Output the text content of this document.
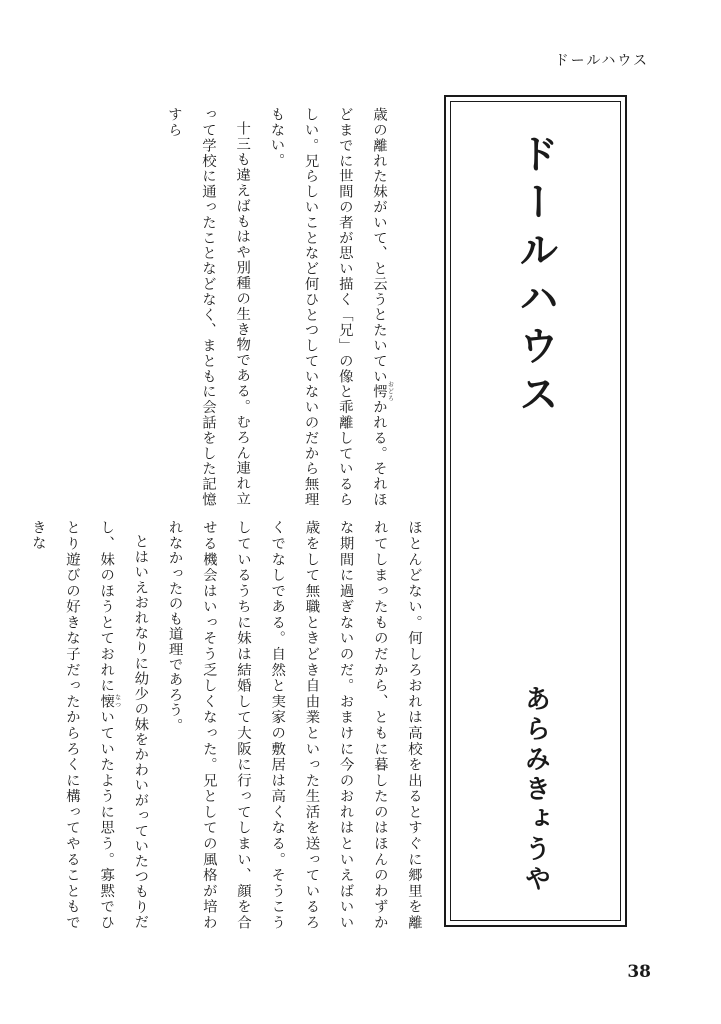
ドールハウス
ドールハウス
あらみきょうや

歳の離れた妹がいて、と云うとたいてい愕 おどろかれる。それほどまでに世間の者が思い描く「兄」の像と乖離しているらしい。兄らしいことなど何ひとつしていないのだから無理もない。

十三も違えばもはや別種の生き物である。むろん連れ立って学校に通ったことなどなく、まともに会話をした記憶すら

ほとんどない。何しろおれは高校を出るとすぐに郷里を離れてしまったものだから、ともに暮したのはほんのわずかな期間に過ぎないのだ。おまけに今のおれはといえばいい歳をして無職ときどき自由業といった生活を送っているろくでなしである。自然と実家の敷居は高くなる。そうこうしているうちに妹は結婚して大阪に行ってしまい、顔を合せる機会はいっそう乏しくなった。兄としての風格が培われなかったのも道理であろう。

とはいえおれなりに幼少の妹をかわいがっていたつもりだし、妹のほうとておれに懐 なついていたように思う。寡黙でひとり遊びの好きな子だったからろくに構ってやることもできな

38
